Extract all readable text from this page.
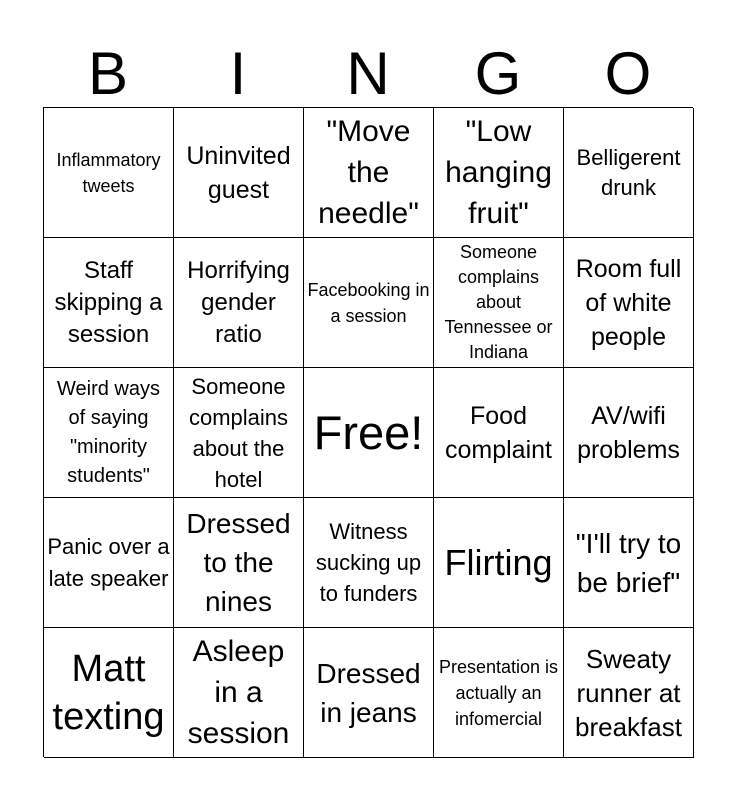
B	I	N	G	O
Inflammatory tweets
Uninvited guest
"Move the needle"
"Low hanging fruit"
Belligerent drunk
Staff skipping a session
Horrifying gender ratio
Facebooking in a session
Someone complains about Tennessee or Indiana
Room full of white people
Weird ways of saying "minority students"
Someone complains about the hotel
Free!	Food complaint
AV/wifi problems
Panic over a late speaker
Dressed to the nines
Witness sucking up to funders
Flirting "I'll try to be brief"
Matt texting
Asleep in a session
Dressed in jeans
Presentation is actually an infomercial
Sweaty runner at breakfast
